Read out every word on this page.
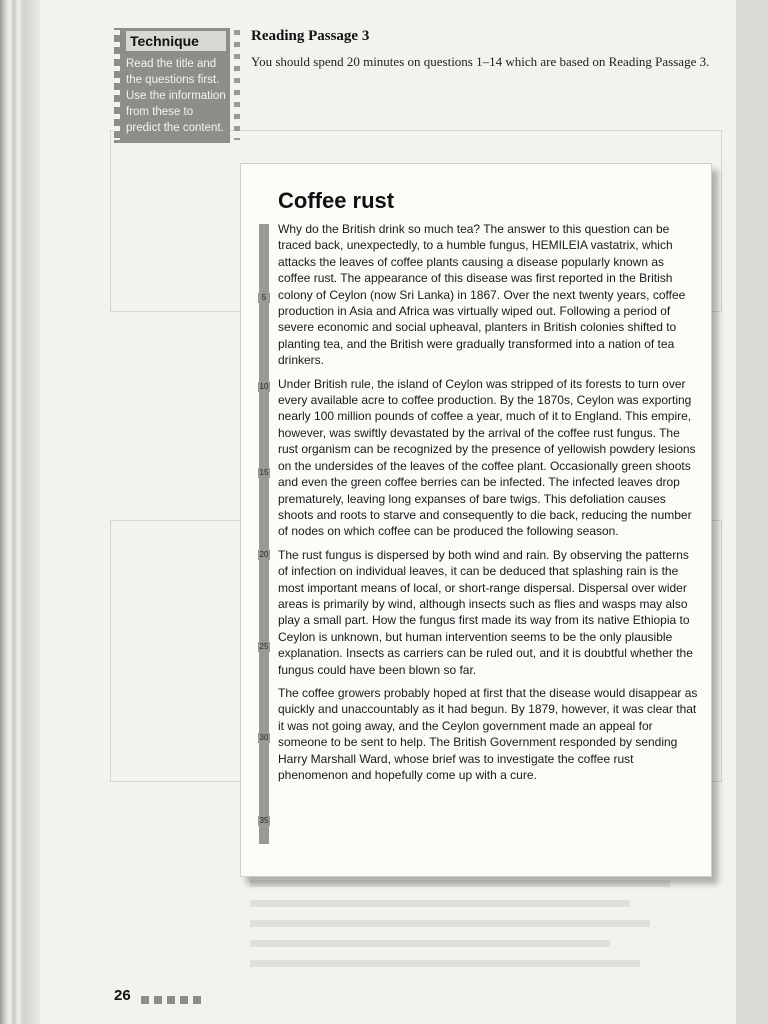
Technique
Read the title and
the questions first.
Use the information
from these to
predict the content.
Reading Passage 3
You should spend 20 minutes on questions 1–14 which are based on Reading Passage 3.
5
10
15
20
25
30
35
Coffee rust

Why do the British drink so much tea? The answer to this question can be traced back, unexpectedly, to a humble fungus, HEMILEIA vastatrix, which attacks the leaves of coffee plants causing a disease popularly known as coffee rust. The appearance of this disease was first reported in the British colony of Ceylon (now Sri Lanka) in 1867. Over the next twenty years, coffee production in Asia and Africa was virtually wiped out. Following a period of severe economic and social upheaval, planters in British colonies shifted to planting tea, and the British were gradually transformed into a nation of tea drinkers.

Under British rule, the island of Ceylon was stripped of its forests to turn over every available acre to coffee production. By the 1870s, Ceylon was exporting nearly 100 million pounds of coffee a year, much of it to England. This empire, however, was swiftly devastated by the arrival of the coffee rust fungus. The rust organism can be recognized by the presence of yellowish powdery lesions on the undersides of the leaves of the coffee plant. Occasionally green shoots and even the green coffee berries can be infected. The infected leaves drop prematurely, leaving long expanses of bare twigs. This defoliation causes shoots and roots to starve and consequently to die back, reducing the number of nodes on which coffee can be produced the following season.

The rust fungus is dispersed by both wind and rain. By observing the patterns of infection on individual leaves, it can be deduced that splashing rain is the most important means of local, or short-range dispersal. Dispersal over wider areas is primarily by wind, although insects such as flies and wasps may also play a small part. How the fungus first made its way from its native Ethiopia to Ceylon is unknown, but human intervention seems to be the only plausible explanation. Insects as carriers can be ruled out, and it is doubtful whether the fungus could have been blown so far.

The coffee growers probably hoped at first that the disease would disappear as quickly and unaccountably as it had begun. By 1879, however, it was clear that it was not going away, and the Ceylon government made an appeal for someone to be sent to help. The British Government responded by sending Harry Marshall Ward, whose brief was to investigate the coffee rust phenomenon and hopefully come up with a cure.

26
